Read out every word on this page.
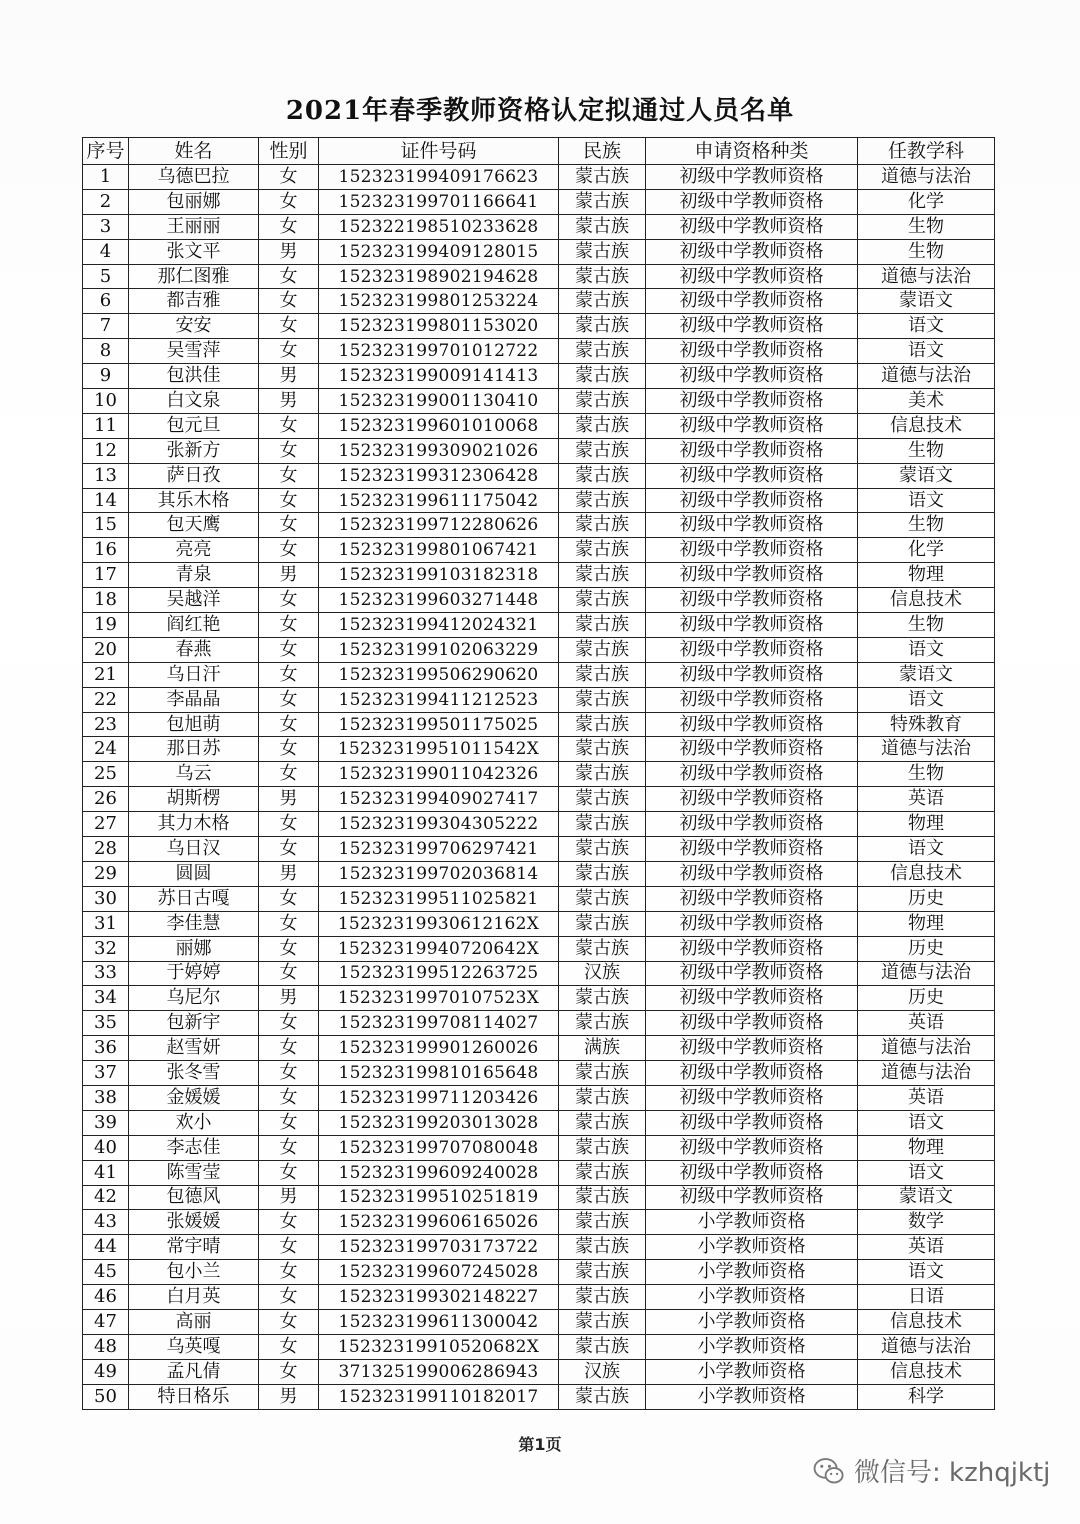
2021年春季教师资格认定拟通过人员名单
序号	姓名	性别	证件号码	民族	申请资格种类	任教学科
1	乌德巴拉	女	152323199409176623	蒙古族	初级中学教师资格	道德与法治
2	包丽娜	女	152323199701166641	蒙古族	初级中学教师资格	化学
3	王丽丽	女	152322198510233628	蒙古族	初级中学教师资格	生物
4	张文平	男	152323199409128015	蒙古族	初级中学教师资格	生物
5	那仁图雅	女	152323198902194628	蒙古族	初级中学教师资格	道德与法治
6	都吉雅	女	152323199801253224	蒙古族	初级中学教师资格	蒙语文
7	安安	女	152323199801153020	蒙古族	初级中学教师资格	语文
8	吴雪萍	女	152323199701012722	蒙古族	初级中学教师资格	语文
9	包洪佳	男	152323199009141413	蒙古族	初级中学教师资格	道德与法治
10	白文泉	男	152323199001130410	蒙古族	初级中学教师资格	美术
11	包元旦	女	152323199601010068	蒙古族	初级中学教师资格	信息技术
12	张新方	女	152323199309021026	蒙古族	初级中学教师资格	生物
13	萨日孜	女	152323199312306428	蒙古族	初级中学教师资格	蒙语文
14	其乐木格	女	152323199611175042	蒙古族	初级中学教师资格	语文
15	包天鹰	女	152323199712280626	蒙古族	初级中学教师资格	生物
16	亮亮	女	152323199801067421	蒙古族	初级中学教师资格	化学
17	青泉	男	152323199103182318	蒙古族	初级中学教师资格	物理
18	吴越洋	女	152323199603271448	蒙古族	初级中学教师资格	信息技术
19	阎红艳	女	152323199412024321	蒙古族	初级中学教师资格	生物
20	春燕	女	152323199102063229	蒙古族	初级中学教师资格	语文
21	乌日汗	女	152323199506290620	蒙古族	初级中学教师资格	蒙语文
22	李晶晶	女	152323199411212523	蒙古族	初级中学教师资格	语文
23	包旭萌	女	152323199501175025	蒙古族	初级中学教师资格	特殊教育
24	那日苏	女	15232319951011542X	蒙古族	初级中学教师资格	道德与法治
25	乌云	女	152323199011042326	蒙古族	初级中学教师资格	生物
26	胡斯楞	男	152323199409027417	蒙古族	初级中学教师资格	英语
27	其力木格	女	152323199304305222	蒙古族	初级中学教师资格	物理
28	乌日汉	女	152323199706297421	蒙古族	初级中学教师资格	语文
29	圆圆	男	152323199702036814	蒙古族	初级中学教师资格	信息技术
30	苏日古嘎	女	152323199511025821	蒙古族	初级中学教师资格	历史
31	李佳慧	女	15232319930612162X	蒙古族	初级中学教师资格	物理
32	丽娜	女	15232319940720642X	蒙古族	初级中学教师资格	历史
33	于婷婷	女	152323199512263725	汉族	初级中学教师资格	道德与法治
34	乌尼尔	男	15232319970107523X	蒙古族	初级中学教师资格	历史
35	包新宇	女	152323199708114027	蒙古族	初级中学教师资格	英语
36	赵雪妍	女	152323199901260026	满族	初级中学教师资格	道德与法治
37	张冬雪	女	152323199810165648	蒙古族	初级中学教师资格	道德与法治
38	金媛媛	女	152323199711203426	蒙古族	初级中学教师资格	英语
39	欢小	女	152323199203013028	蒙古族	初级中学教师资格	语文
40	李志佳	女	152323199707080048	蒙古族	初级中学教师资格	物理
41	陈雪莹	女	152323199609240028	蒙古族	初级中学教师资格	语文
42	包德风	男	152323199510251819	蒙古族	初级中学教师资格	蒙语文
43	张媛媛	女	152323199606165026	蒙古族	小学教师资格	数学
44	常宇晴	女	152323199703173722	蒙古族	小学教师资格	英语
45	包小兰	女	152323199607245028	蒙古族	小学教师资格	语文
46	白月英	女	152323199302148227	蒙古族	小学教师资格	日语
47	高丽	女	152323199611300042	蒙古族	小学教师资格	信息技术
48	乌英嘎	女	15232319910520682X	蒙古族	小学教师资格	道德与法治
49	孟凡倩	女	371325199006286943	汉族	小学教师资格	信息技术
50	特日格乐	男	152323199110182017	蒙古族	小学教师资格	科学
第1页
微信号: kzhqjktj
